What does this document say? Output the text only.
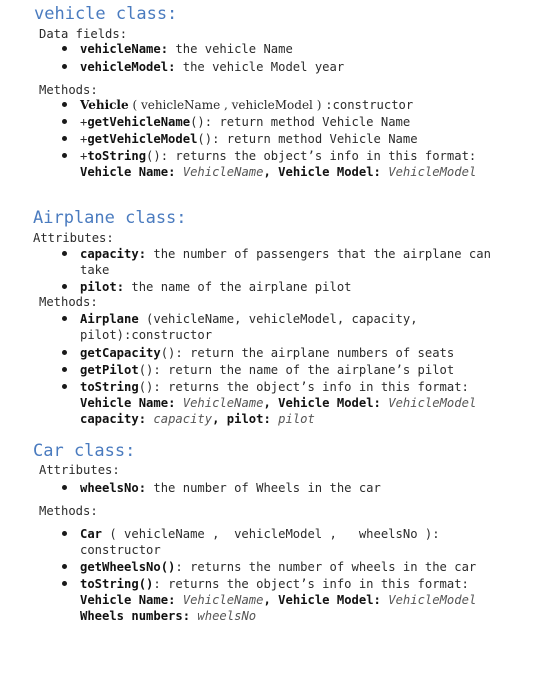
vehicle class:
Data fields:
vehicleName: the vehicle Name
vehicleModel: the vehicle Model year
Methods:
Vehicle ( vehicleName , vehicleModel ) :constructor
+getVehicleName(): return method Vehicle Name
+getVehicleModel(): return method Vehicle Name
+toString(): returns the object’s info in this format:
Vehicle Name: VehicleName, Vehicle Model: VehicleModel
Airplane class:
Attributes:
capacity: the number of passengers that the airplane can
take
pilot: the name of the airplane pilot
Methods:
Airplane (vehicleName, vehicleModel, capacity,
pilot):constructor
getCapacity(): return the airplane numbers of seats
getPilot(): return the name of the airplane’s pilot
toString(): returns the object’s info in this format:
Vehicle Name: VehicleName, Vehicle Model: VehicleModel
capacity: capacity, pilot: pilot
Car class:
Attributes:
wheelsNo: the number of Wheels in the car
Methods:
Car ( vehicleName ,  vehicleModel ,   wheelsNo ):
constructor
getWheelsNo(): returns the number of wheels in the car
toString(): returns the object’s info in this format:
Vehicle Name: VehicleName, Vehicle Model: VehicleModel
Wheels numbers: wheelsNo
